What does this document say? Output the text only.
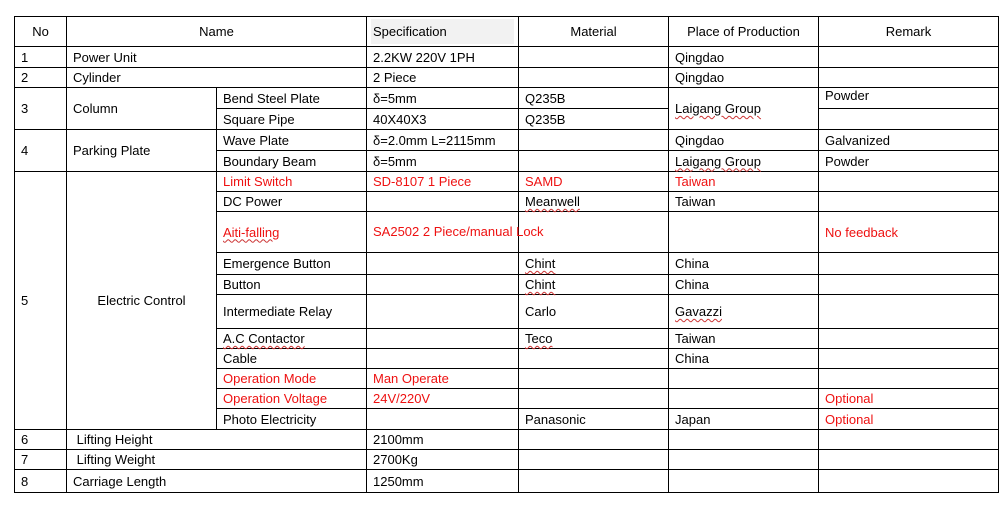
No	Name		Specification	Material	Place of Production	Remark
1	Power Unit		2.2KW 220V 1PH		Qingdao	
2	Cylinder		2 Piece		Qingdao	
3	Column	Bend Steel Plate	δ=5mm	Q235B	Laigang Group	Powder
		Square Pipe	40X40X3	Q235B		
4	Parking Plate	Wave Plate	δ=2.0mm L=2115mm		Qingdao	Galvanized
		Boundary Beam	δ=5mm		Laigang Group	Powder
5	Electric Control	Limit Switch	SD-8107 1 Piece	SAMD	Taiwan	
		DC Power		Meanwell	Taiwan	
		Aiti-falling	SA2502 2 Piece/manual Lock			No feedback
		Emergence Button		Chint	China	
		Button		Chint	China	
		Intermediate Relay		Carlo	Gavazzi	
		A.C Contactor		Teco	Taiwan	
		Cable			China	
		Operation Mode	Man Operate			
		Operation Voltage	24V/220V			Optional
		Photo Electricity		Panasonic	Japan	Optional
6	Lifting Height		2100mm			
7	Lifting Weight		2700Kg			
8	Carriage Length		1250mm			
